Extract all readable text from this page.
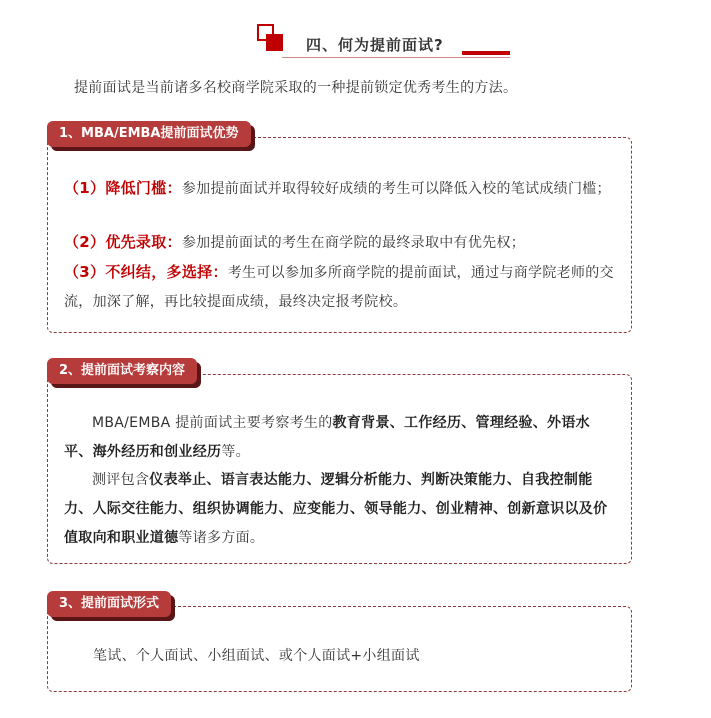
四、何为提前面试?
提前面试是当前诸多名校商学院采取的一种提前锁定优秀考生的方法。
1、MBA/EMBA提前面试优势
（1）降低门槛：参加提前面试并取得较好成绩的考生可以降低入校的笔试成绩门槛；
（2）优先录取：参加提前面试的考生在商学院的最终录取中有优先权；
（3）不纠结，多选择：考生可以参加多所商学院的提前面试，通过与商学院老师的交流，加深了解，再比较提面成绩，最终决定报考院校。
2、提前面试考察内容
MBA/EMBA 提前面试主要考察考生的教育背景、工作经历、管理经验、外语水平、海外经历和创业经历等。
测评包含仪表举止、语言表达能力、逻辑分析能力、判断决策能力、自我控制能力、人际交往能力、组织协调能力、应变能力、领导能力、创业精神、创新意识以及价值取向和职业道德等诸多方面。
3、提前面试形式
笔试、个人面试、小组面试、或个人面试+小组面试
